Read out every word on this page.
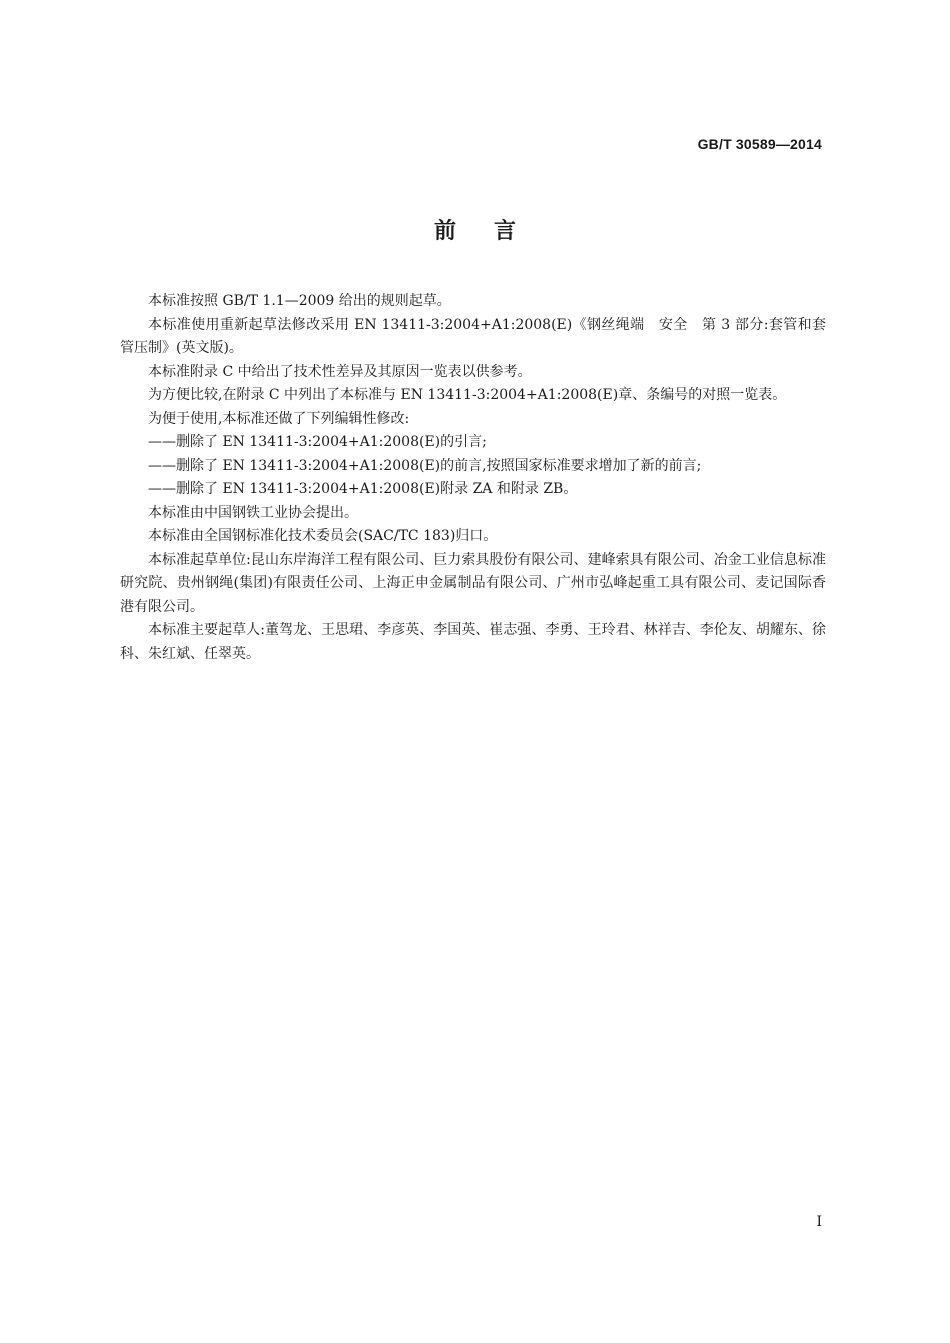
GB/T 30589—2014
前言

本标准按照 GB/T 1.1—2009 给出的规则起草。

本标准使用重新起草法修改采用 EN 13411-3:2004+A1:2008(E)《钢丝绳端　安全　第 3 部分:套管和套管压制》(英文版)。

本标准附录 C 中给出了技术性差异及其原因一览表以供参考。

为方便比较,在附录 C 中列出了本标准与 EN 13411-3:2004+A1:2008(E)章、条编号的对照一览表。

为便于使用,本标准还做了下列编辑性修改:

——删除了 EN 13411-3:2004+A1:2008(E)的引言;

——删除了 EN 13411-3:2004+A1:2008(E)的前言,按照国家标准要求增加了新的前言;

——删除了 EN 13411-3:2004+A1:2008(E)附录 ZA 和附录 ZB。

本标准由中国钢铁工业协会提出。

本标准由全国钢标准化技术委员会(SAC/TC 183)归口。

本标准起草单位:昆山东岸海洋工程有限公司、巨力索具股份有限公司、建峰索具有限公司、冶金工业信息标准研究院、贵州钢绳(集团)有限责任公司、上海正申金属制品有限公司、广州市弘峰起重工具有限公司、麦记国际香港有限公司。

本标准主要起草人:董驾龙、王思珺、李彦英、李国英、崔志强、李勇、王玲君、林祥吉、李伦友、胡耀东、徐科、朱红斌、任翠英。

I
